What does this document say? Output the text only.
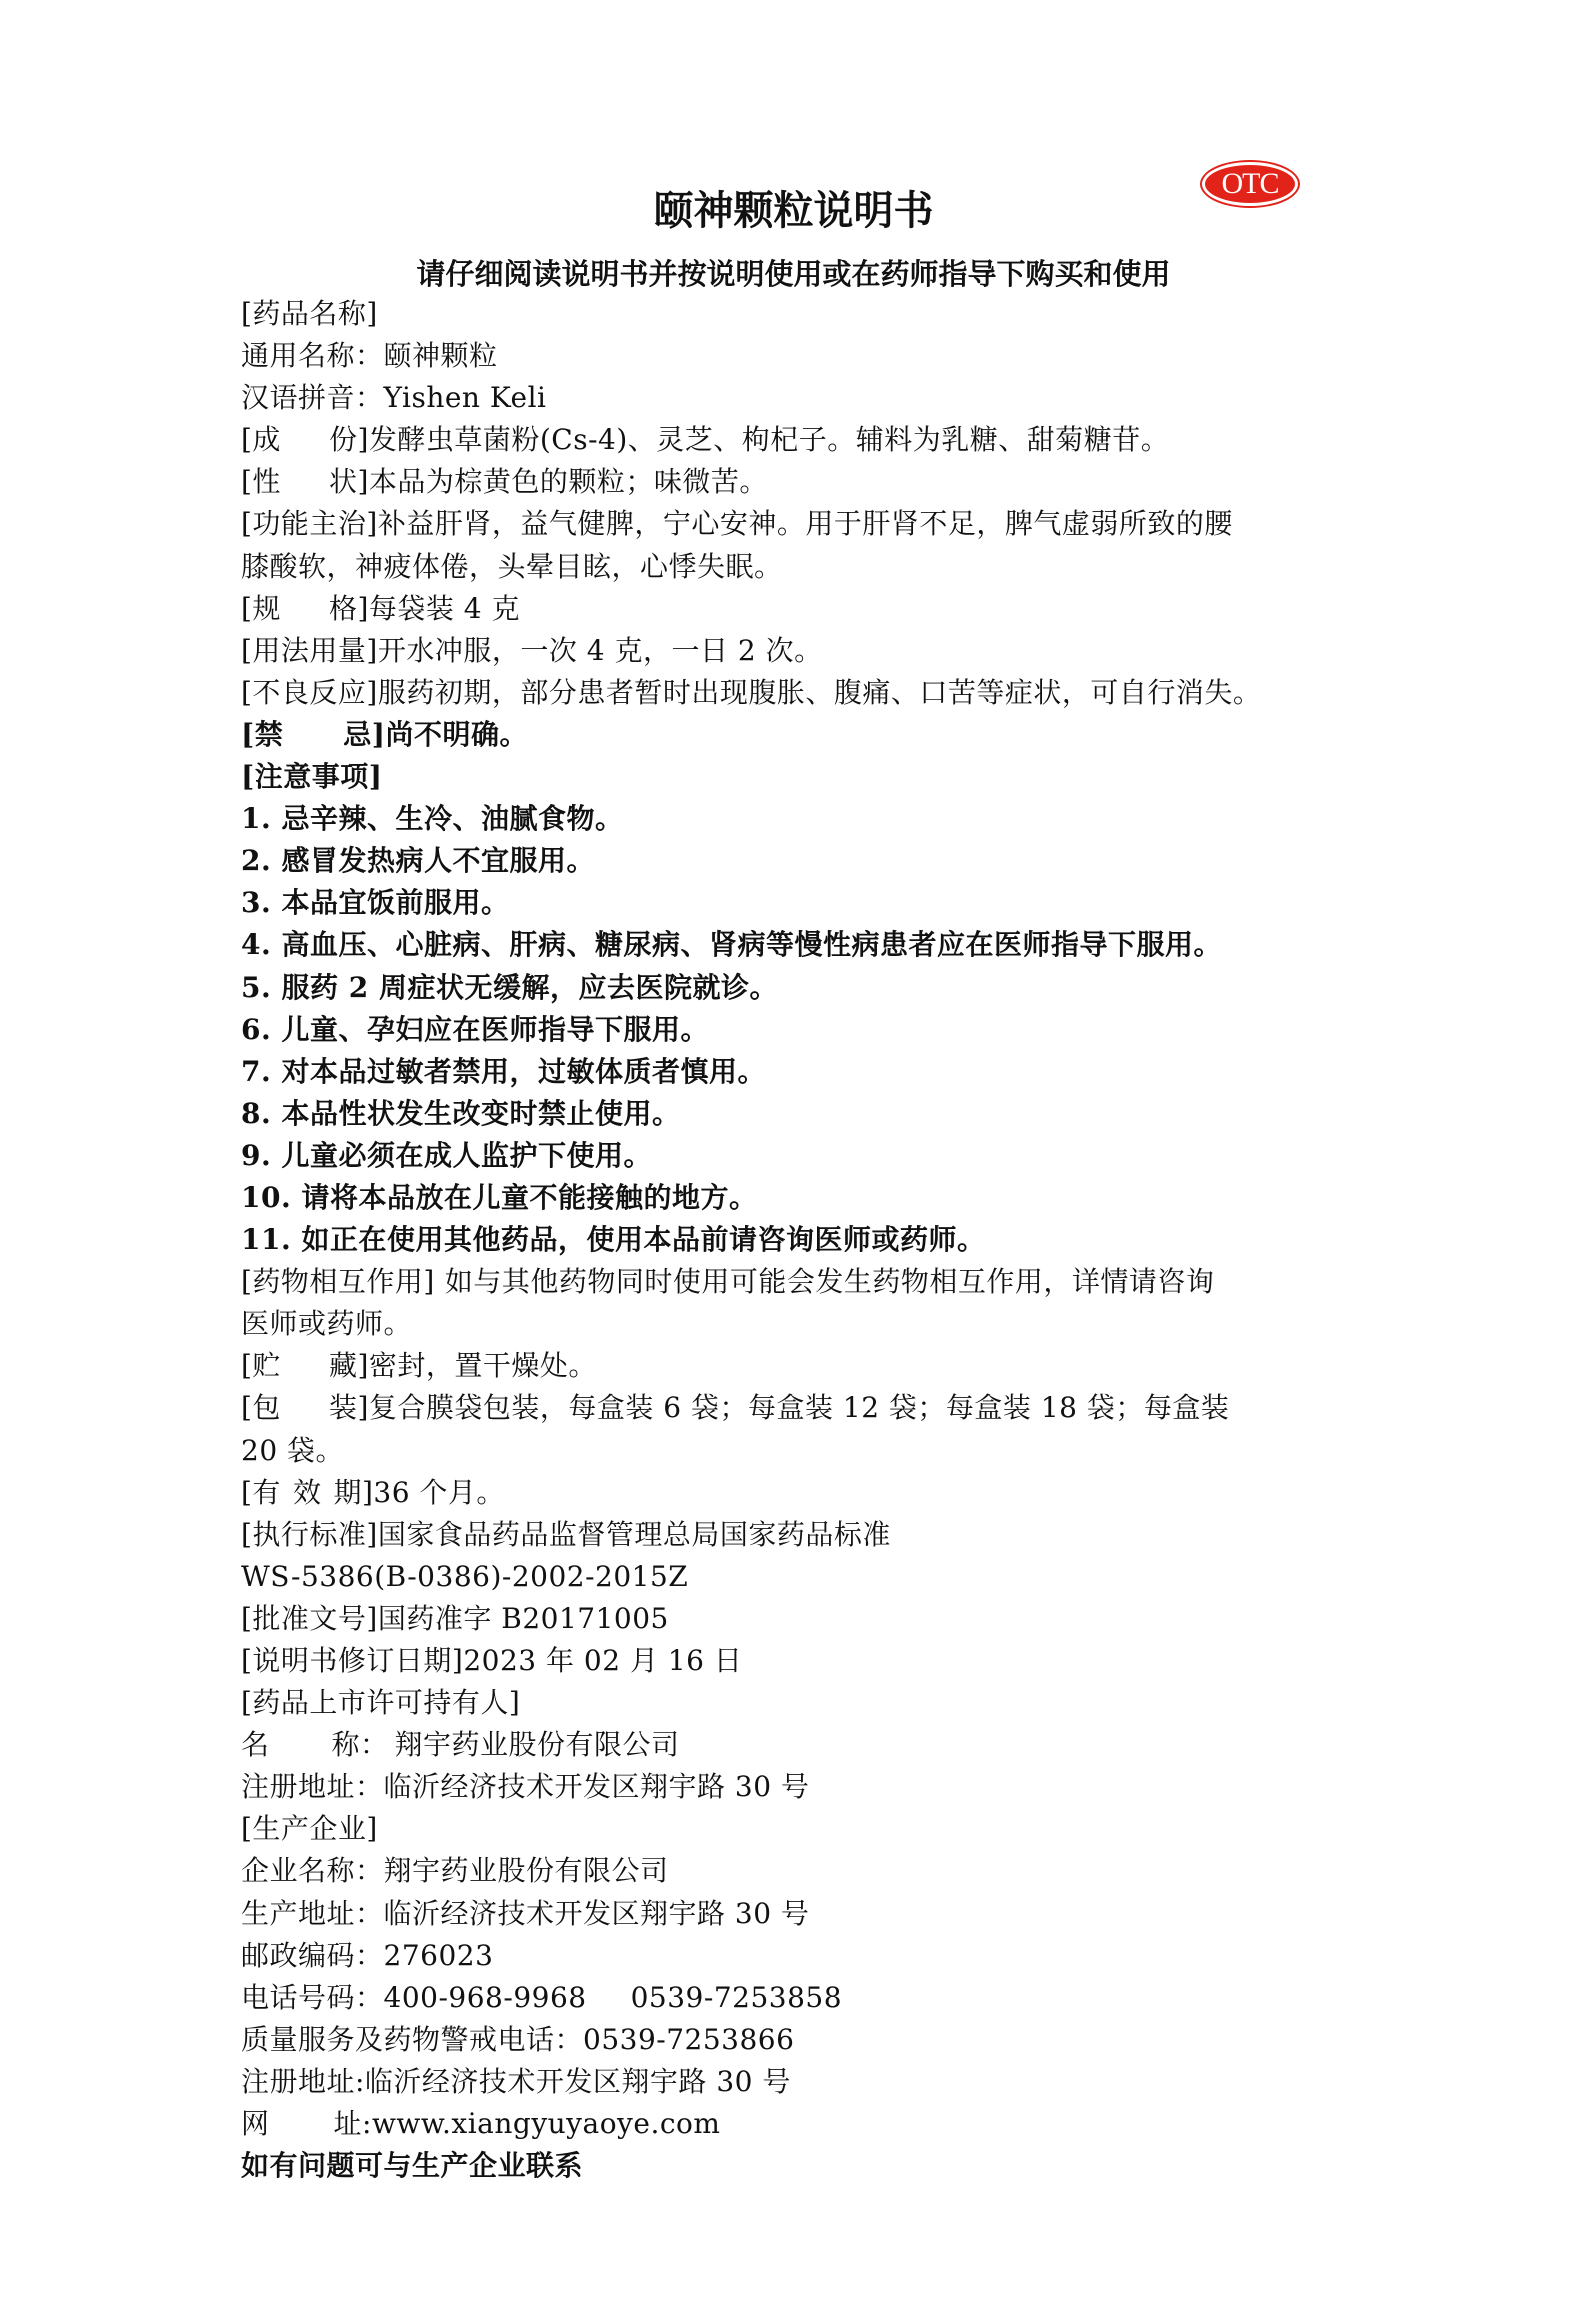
OTC
颐神颗粒说明书
请仔细阅读说明书并按说明使用或在药师指导下购买和使用
[药品名称]
通用名称：颐神颗粒
汉语拼音：Yishen Keli
[成 份]发酵虫草菌粉(Cs-4)、灵芝、枸杞子。辅料为乳糖、甜菊糖苷。
[性 状]本品为棕黄色的颗粒；味微苦。
[功能主治]补益肝肾，益气健脾，宁心安神。用于肝肾不足，脾气虚弱所致的腰
膝酸软，神疲体倦，头晕目眩，心悸失眠。
[规 格]每袋装 4 克
[用法用量]开水冲服，一次 4 克，一日 2 次。
[不良反应]服药初期，部分患者暂时出现腹胀、腹痛、口苦等症状，可自行消失。
[禁 忌]尚不明确。
[注意事项]
1. 忌辛辣、生冷、油腻食物。
2. 感冒发热病人不宜服用。
3. 本品宜饭前服用。
4. 高血压、心脏病、肝病、糖尿病、肾病等慢性病患者应在医师指导下服用。
5. 服药 2 周症状无缓解，应去医院就诊。
6. 儿童、孕妇应在医师指导下服用。
7. 对本品过敏者禁用，过敏体质者慎用。
8. 本品性状发生改变时禁止使用。
9. 儿童必须在成人监护下使用。
10. 请将本品放在儿童不能接触的地方。
11. 如正在使用其他药品，使用本品前请咨询医师或药师。
[药物相互作用] 如与其他药物同时使用可能会发生药物相互作用，详情请咨询
医师或药师。
[贮 藏]密封，置干燥处。
[包 装]复合膜袋包装，每盒装 6 袋；每盒装 12 袋；每盒装 18 袋；每盒装
20 袋。
[有 效 期]36 个月。
[执行标准]国家食品药品监督管理总局国家药品标准
WS-5386(B-0386)-2002-2015Z
[批准文号]国药准字 B20171005
[说明书修订日期]2023 年 02 月 16 日
[药品上市许可持有人]
名 称： 翔宇药业股份有限公司
注册地址：临沂经济技术开发区翔宇路 30 号
[生产企业]
企业名称：翔宇药业股份有限公司
生产地址：临沂经济技术开发区翔宇路 30 号
邮政编码：276023
电话号码：400-968-9968 0539-7253858
质量服务及药物警戒电话：0539-7253866
注册地址:临沂经济技术开发区翔宇路 30 号
网 址:www.xiangyuyaoye.com
如有问题可与生产企业联系
